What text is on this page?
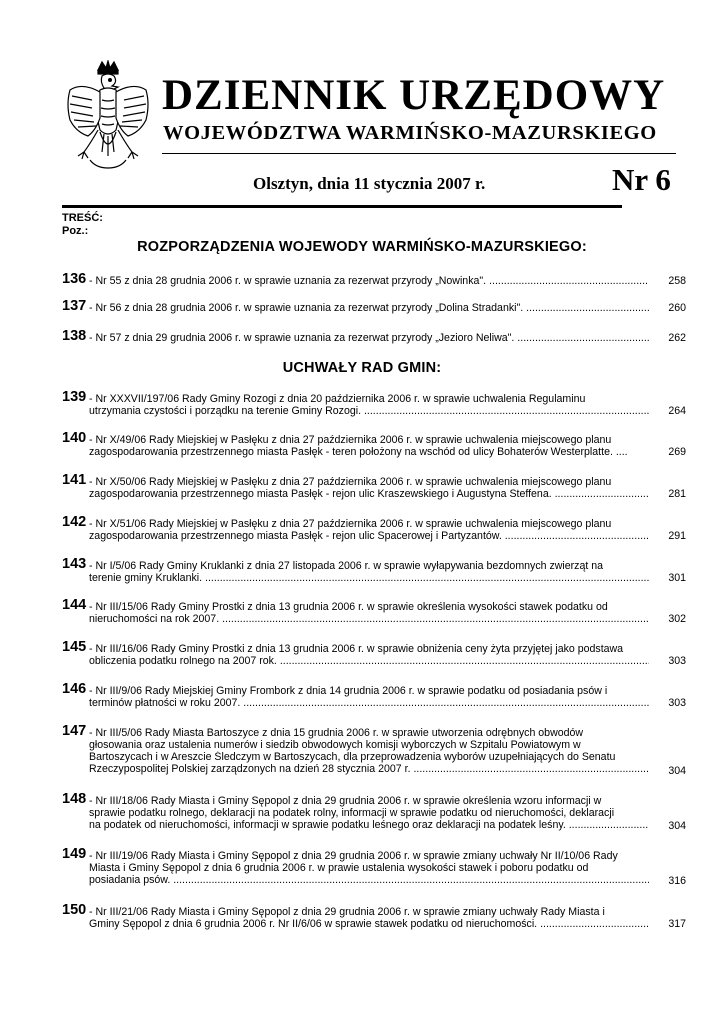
DZIENNIK URZĘDOWY
WOJEWÓDZTWA WARMIŃSKO-MAZURSKIEGO
Olsztyn, dnia 11 stycznia 2007 r.	Nr 6
TREŚĆ:
Poz.:
ROZPORZĄDZENIA WOJEWODY WARMIŃSKO-MAZURSKIEGO:
136 - Nr 55 z dnia 28 grudnia 2006 r. w sprawie uznania za rezerwat przyrody „Nowinka". .....	258
137 - Nr 56 z dnia 28 grudnia 2006 r. w sprawie uznania za rezerwat przyrody „Dolina Stradanki". .....	260
138 - Nr 57 z dnia 29 grudnia 2006 r. w sprawie uznania za rezerwat przyrody „Jezioro Neliwa". .....	262
UCHWAŁY RAD GMIN:
139 - Nr XXXVII/197/06 Rady Gminy Rozogi z dnia 20 października 2006 r. w sprawie uchwalenia Regulaminu
utrzymania czystości i porządku na terenie Gminy Rozogi. .....	264
140 - Nr X/49/06 Rady Miejskiej w Pasłęku z dnia 27 października 2006 r. w sprawie uchwalenia miejscowego planu
zagospodarowania przestrzennego miasta Pasłęk - teren położony na wschód od ulicy Bohaterów Westerplatte. ....	269
141 - Nr X/50/06 Rady Miejskiej w Pasłęku z dnia 27 października 2006 r. w sprawie uchwalenia miejscowego planu
zagospodarowania przestrzennego miasta Pasłęk - rejon ulic Kraszewskiego i Augustyna Steffena. .....	281
142 - Nr X/51/06 Rady Miejskiej w Pasłęku z dnia 27 października 2006 r. w sprawie uchwalenia miejscowego planu
zagospodarowania przestrzennego miasta Pasłęk - rejon ulic Spacerowej i Partyzantów. .....	291
143 - Nr I/5/06 Rady Gminy Kruklanki z dnia 27 listopada 2006 r. w sprawie wyłapywania bezdomnych zwierząt na
terenie gminy Kruklanki. .....	301
144 - Nr III/15/06 Rady Gminy Prostki z dnia 13 grudnia 2006 r. w sprawie określenia wysokości stawek podatku od
nieruchomości na rok 2007. .....	302
145 - Nr III/16/06 Rady Gminy Prostki z dnia 13 grudnia 2006 r. w sprawie obniżenia ceny żyta przyjętej jako podstawa
obliczenia podatku rolnego na 2007 rok. .....	303
146 - Nr III/9/06 Rady Miejskiej Gminy Frombork z dnia 14 grudnia 2006 r. w sprawie podatku od posiadania psów i
terminów płatności w roku 2007. .....	303
147 - Nr III/5/06 Rady Miasta Bartoszyce z dnia 15 grudnia 2006 r. w sprawie utworzenia odrębnych obwodów
głosowania oraz ustalenia numerów i siedzib obwodowych komisji wyborczych w Szpitalu Powiatowym w
Bartoszycach i w Areszcie Śledczym w Bartoszycach, dla przeprowadzenia wyborów uzupełniających do Senatu
Rzeczypospolitej Polskiej zarządzonych na dzień 28 stycznia 2007 r. .....	304
148 - Nr III/18/06 Rady Miasta i Gminy Sępopol z dnia 29 grudnia 2006 r. w sprawie określenia wzoru informacji w
sprawie podatku rolnego, deklaracji na podatek rolny, informacji w sprawie podatku od nieruchomości, deklaracji
na podatek od nieruchomości, informacji w sprawie podatku leśnego oraz deklaracji na podatek leśny. .....	304
149 - Nr III/19/06 Rady Miasta i Gminy Sępopol z dnia 29 grudnia 2006 r. w sprawie zmiany uchwały Nr II/10/06 Rady
Miasta i Gminy Sępopol z dnia 6 grudnia 2006 r. w prawie ustalenia wysokości stawek i poboru podatku od
posiadania psów. .....	316
150 - Nr III/21/06 Rady Miasta i Gminy Sępopol z dnia 29 grudnia 2006 r. w sprawie zmiany uchwały Rady Miasta i
Gminy Sępopol z dnia 6 grudnia 2006 r. Nr II/6/06 w sprawie stawek podatku od nieruchomości. .....	317
